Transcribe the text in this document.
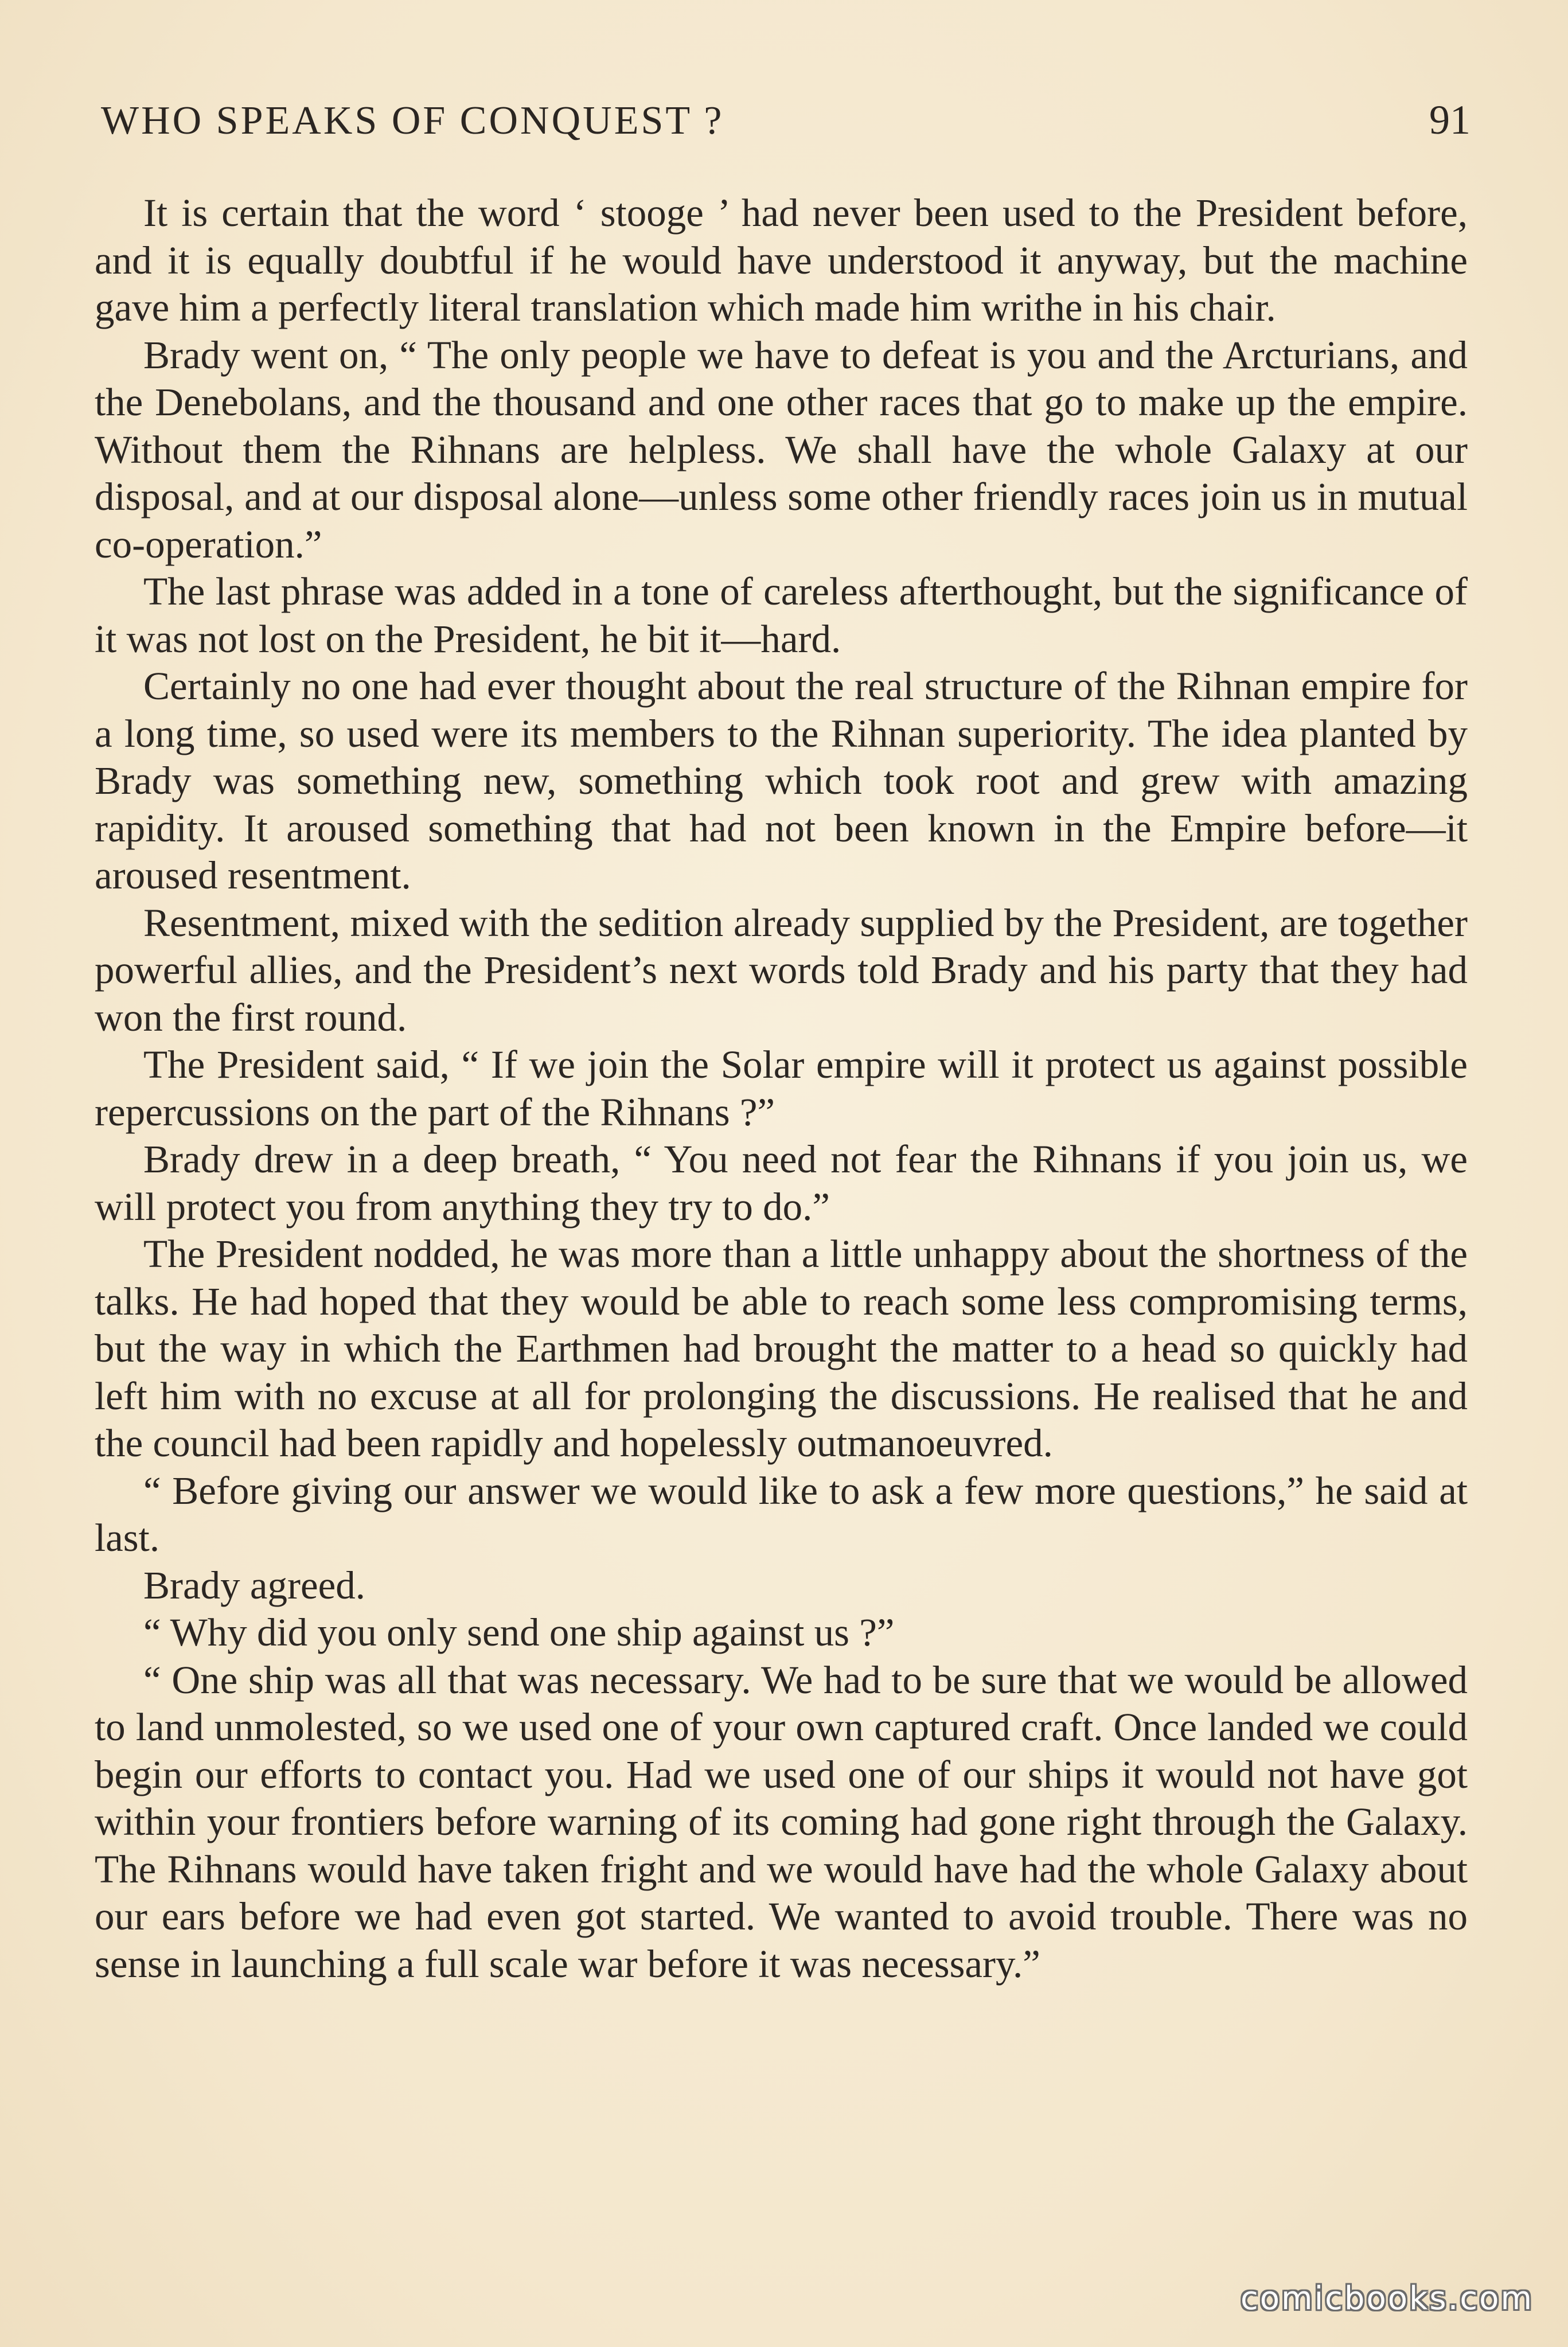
WHO SPEAKS OF CONQUEST ?	91

It is certain that the word ‘ stooge ’ had never been used to the President before, and it is equally doubtful if he would have understood it anyway, but the machine gave him a perfectly literal translation which made him writhe in his chair.

Brady went on, “ The only people we have to defeat is you and the Arcturians, and the Denebolans, and the thousand and one other races that go to make up the empire. Without them the Rihnans are helpless. We shall have the whole Galaxy at our disposal, and at our disposal alone—unless some other friendly races join us in mutual co-operation.”

The last phrase was added in a tone of careless afterthought, but the significance of it was not lost on the President, he bit it—hard.

Certainly no one had ever thought about the real structure of the Rihnan empire for a long time, so used were its members to the Rihnan superiority. The idea planted by Brady was something new, something which took root and grew with amazing rapidity. It aroused something that had not been known in the Empire before—it aroused resentment.

Resentment, mixed with the sedition already supplied by the President, are together powerful allies, and the President’s next words told Brady and his party that they had won the first round.

The President said, “ If we join the Solar empire will it protect us against possible repercussions on the part of the Rihnans ?”

Brady drew in a deep breath, “ You need not fear the Rihnans if you join us, we will protect you from anything they try to do.”

The President nodded, he was more than a little unhappy about the shortness of the talks. He had hoped that they would be able to reach some less compromising terms, but the way in which the Earthmen had brought the matter to a head so quickly had left him with no excuse at all for prolonging the discussions. He realised that he and the council had been rapidly and hopelessly outmanoeuvred.

“ Before giving our answer we would like to ask a few more questions,” he said at last.

Brady agreed.

“ Why did you only send one ship against us ?”

“ One ship was all that was necessary. We had to be sure that we would be allowed to land unmolested, so we used one of your own captured craft. Once landed we could begin our efforts to contact you. Had we used one of our ships it would not have got within your frontiers before warning of its coming had gone right through the Galaxy. The Rihnans would have taken fright and we would have had the whole Galaxy about our ears before we had even got started. We wanted to avoid trouble. There was no sense in launching a full scale war before it was necessary.”

comicbooks.com
